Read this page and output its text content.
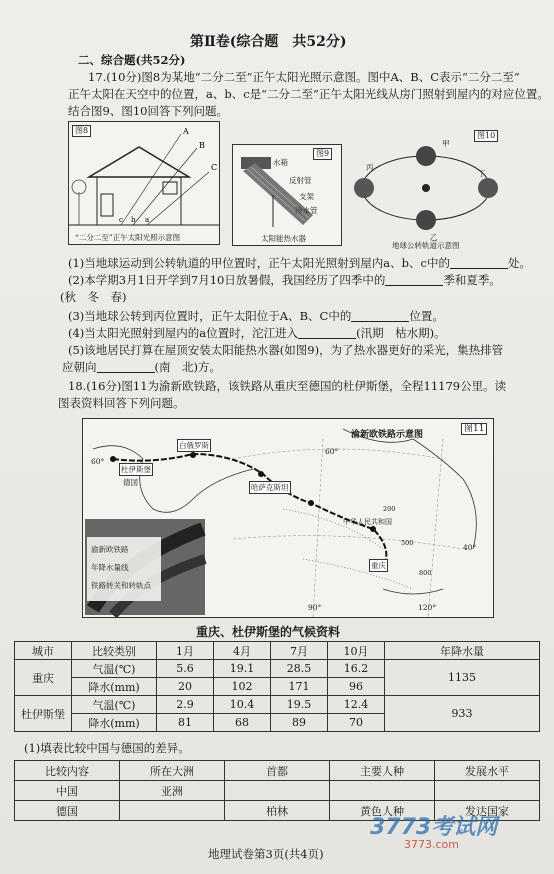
第Ⅱ卷(综合题　共52分)
二、综合题(共52分)
17.(10分)图8为某地“二分二至”正午太阳光照示意图。图中A、B、C表示“二分二至”
正午太阳在天空中的位置，a、b、c是“二分二至”正午太阳光线从房门照射到屋内的对应位置。
结合图9、图10回答下列问题。
图8	A
B
C
c b a
“二分二至”正午太阳光照示意图
图9
水箱
反射管
支架
冷水管
太阳能热水器
图10
丙
甲
乙
丁
地球公转轨道示意图
(1)当地球运动到公转轨道的甲位置时，正午太阳光照射到屋内a、b、c中的	处。
(2)本学期3月1日开学到7月10日放暑假，我国经历了四季中的	季和夏季。
(秋　冬　春)
(3)当地球公转到丙位置时，正午太阳位于A、B、C中的	位置。
(4)当太阳光照射到屋内的a位置时，沱江进入	(汛期　枯水期)。
(5)该地居民打算在屋顶安装太阳能热水器(如图9)，为了热水器更好的采光，集热排管
应朝向	(南　北)方。
18.(16分)图11为渝新欧铁路，该铁路从重庆至德国的杜伊斯堡，全程11179公里。读
图表资料回答下列问题。
图11
渝新欧铁路示意图
杜伊斯堡
德国
白俄罗斯
哈萨克斯坦
中华人民共和国
重庆
60°
60°
40°
90°	120°
200
500
800
渝新欧铁路
年降水量线
铁路转关和转轨点
重庆、杜伊斯堡的气候资料
城市	比较类别	1月	4月	7月	10月	年降水量
重庆	气温(℃)	5.6	19.1	28.5	16.2	1135
	降水(mm)	20	102	171	96	
杜伊斯堡	气温(℃)	2.9	10.4	19.5	12.4	933
	降水(mm)	81	68	89	70	
(1)填表比较中国与德国的差异。
比较内容	所在大洲	首都	主要人种	发展水平
中国	亚洲			
德国		柏林	黄色人种	发达国家
地理试卷第3页(共4页)
3773考试网
3773.com
